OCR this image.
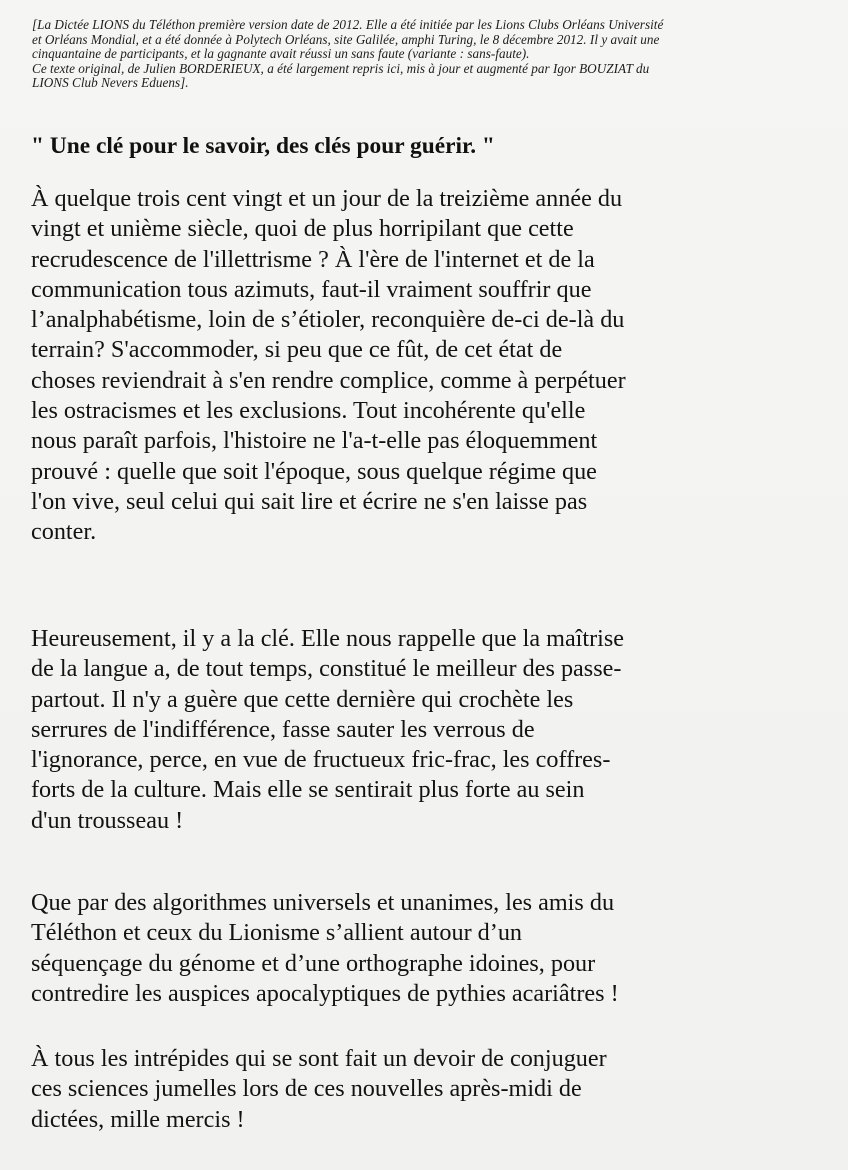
[La Dictée LIONS du Téléthon première version date de 2012. Elle a été initiée par les Lions Clubs Orléans Université
et Orléans Mondial, et a été donnée à Polytech Orléans, site Galilée, amphi Turing, le 8 décembre 2012. Il y avait une
cinquantaine de participants, et la gagnante avait réussi un sans faute (variante : sans-faute).
Ce texte original, de Julien BORDERIEUX, a été largement repris ici, mis à jour et augmenté par Igor BOUZIAT du
LIONS Club Nevers Eduens].
" Une clé pour le savoir, des clés pour guérir. "
À quelque trois cent vingt et un jour de la treizième année du
vingt et unième siècle, quoi de plus horripilant que cette
recrudescence de l'illettrisme ? À l'ère de l'internet et de la
communication tous azimuts, faut-il vraiment souffrir que
l’analphabétisme, loin de s’étioler, reconquière de-ci de-là du
terrain? S'accommoder, si peu que ce fût, de cet état de
choses reviendrait à s'en rendre complice, comme à perpétuer
les ostracismes et les exclusions. Tout incohérente qu'elle
nous paraît parfois, l'histoire ne l'a-t-elle pas éloquemment
prouvé : quelle que soit l'époque, sous quelque régime que
l'on vive, seul celui qui sait lire et écrire ne s'en laisse pas
conter.
Heureusement, il y a la clé. Elle nous rappelle que la maîtrise
de la langue a, de tout temps, constitué le meilleur des passe-
partout. Il n'y a guère que cette dernière qui crochète les
serrures de l'indifférence, fasse sauter les verrous de
l'ignorance, perce, en vue de fructueux fric-frac, les coffres-
forts de la culture. Mais elle se sentirait plus forte au sein
d'un trousseau !
Que par des algorithmes universels et unanimes, les amis du
Téléthon et ceux du Lionisme s’allient autour d’un
séquençage du génome et d’une orthographe idoines, pour
contredire les auspices apocalyptiques de pythies acariâtres !
À tous les intrépides qui se sont fait un devoir de conjuguer
ces sciences jumelles lors de ces nouvelles après-midi de
dictées, mille mercis !
